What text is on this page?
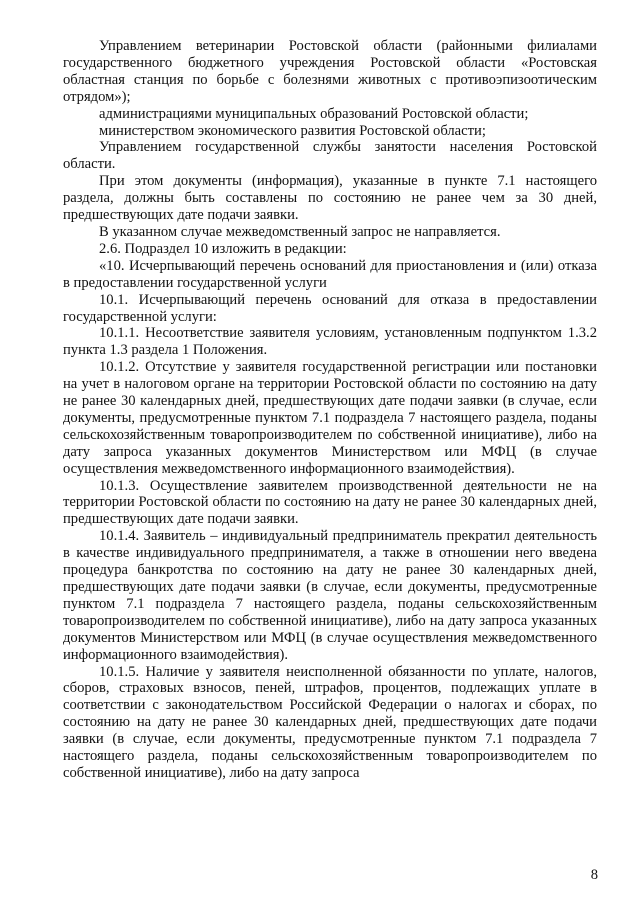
Управлением ветеринарии Ростовской области (районными филиалами государственного бюджетного учреждения Ростовской области «Ростовская областная станция по борьбе с болезнями животных с противоэпизоотическим отрядом»);

администрациями муниципальных образований Ростовской области;

министерством экономического развития Ростовской области;

Управлением государственной службы занятости населения Ростовской области.

При этом документы (информация), указанные в пункте 7.1 настоящего раздела, должны быть составлены по состоянию не ранее чем за 30 дней, предшествующих дате подачи заявки.

В указанном случае межведомственный запрос не направляется.

2.6. Подраздел 10 изложить в редакции:

«10. Исчерпывающий перечень оснований для приостановления и (или) отказа в предоставлении государственной услуги

10.1. Исчерпывающий перечень оснований для отказа в предоставлении государственной услуги:

10.1.1. Несоответствие заявителя условиям, установленным подпунктом 1.3.2 пункта 1.3 раздела 1 Положения.

10.1.2. Отсутствие у заявителя государственной регистрации или постановки на учет в налоговом органе на территории Ростовской области по состоянию на дату не ранее 30 календарных дней, предшествующих дате подачи заявки (в случае, если документы, предусмотренные пунктом 7.1 подраздела 7 настоящего раздела, поданы сельскохозяйственным товаропроизводителем по собственной инициативе), либо на дату запроса указанных документов Министерством или МФЦ (в случае осуществления межведомственного информационного взаимодействия).

10.1.3. Осуществление заявителем производственной деятельности не на территории Ростовской области по состоянию на дату не ранее 30 календарных дней, предшествующих дате подачи заявки.

10.1.4. Заявитель – индивидуальный предприниматель прекратил деятельность в качестве индивидуального предпринимателя, а также в отношении него введена процедура банкротства по состоянию на дату не ранее 30 календарных дней, предшествующих дате подачи заявки (в случае, если документы, предусмотренные пунктом 7.1 подраздела 7 настоящего раздела, поданы сельскохозяйственным товаропроизводителем по собственной инициативе), либо на дату запроса указанных документов Министерством или МФЦ (в случае осуществления межведомственного информационного взаимодействия).

10.1.5. Наличие у заявителя неисполненной обязанности по уплате, налогов, сборов, страховых взносов, пеней, штрафов, процентов, подлежащих уплате в соответствии с законодательством Российской Федерации о налогах и сборах, по состоянию на дату не ранее 30 календарных дней, предшествующих дате подачи заявки (в случае, если документы, предусмотренные пунктом 7.1 подраздела 7 настоящего раздела, поданы сельскохозяйственным товаропроизводителем по собственной инициативе), либо на дату запроса

8
